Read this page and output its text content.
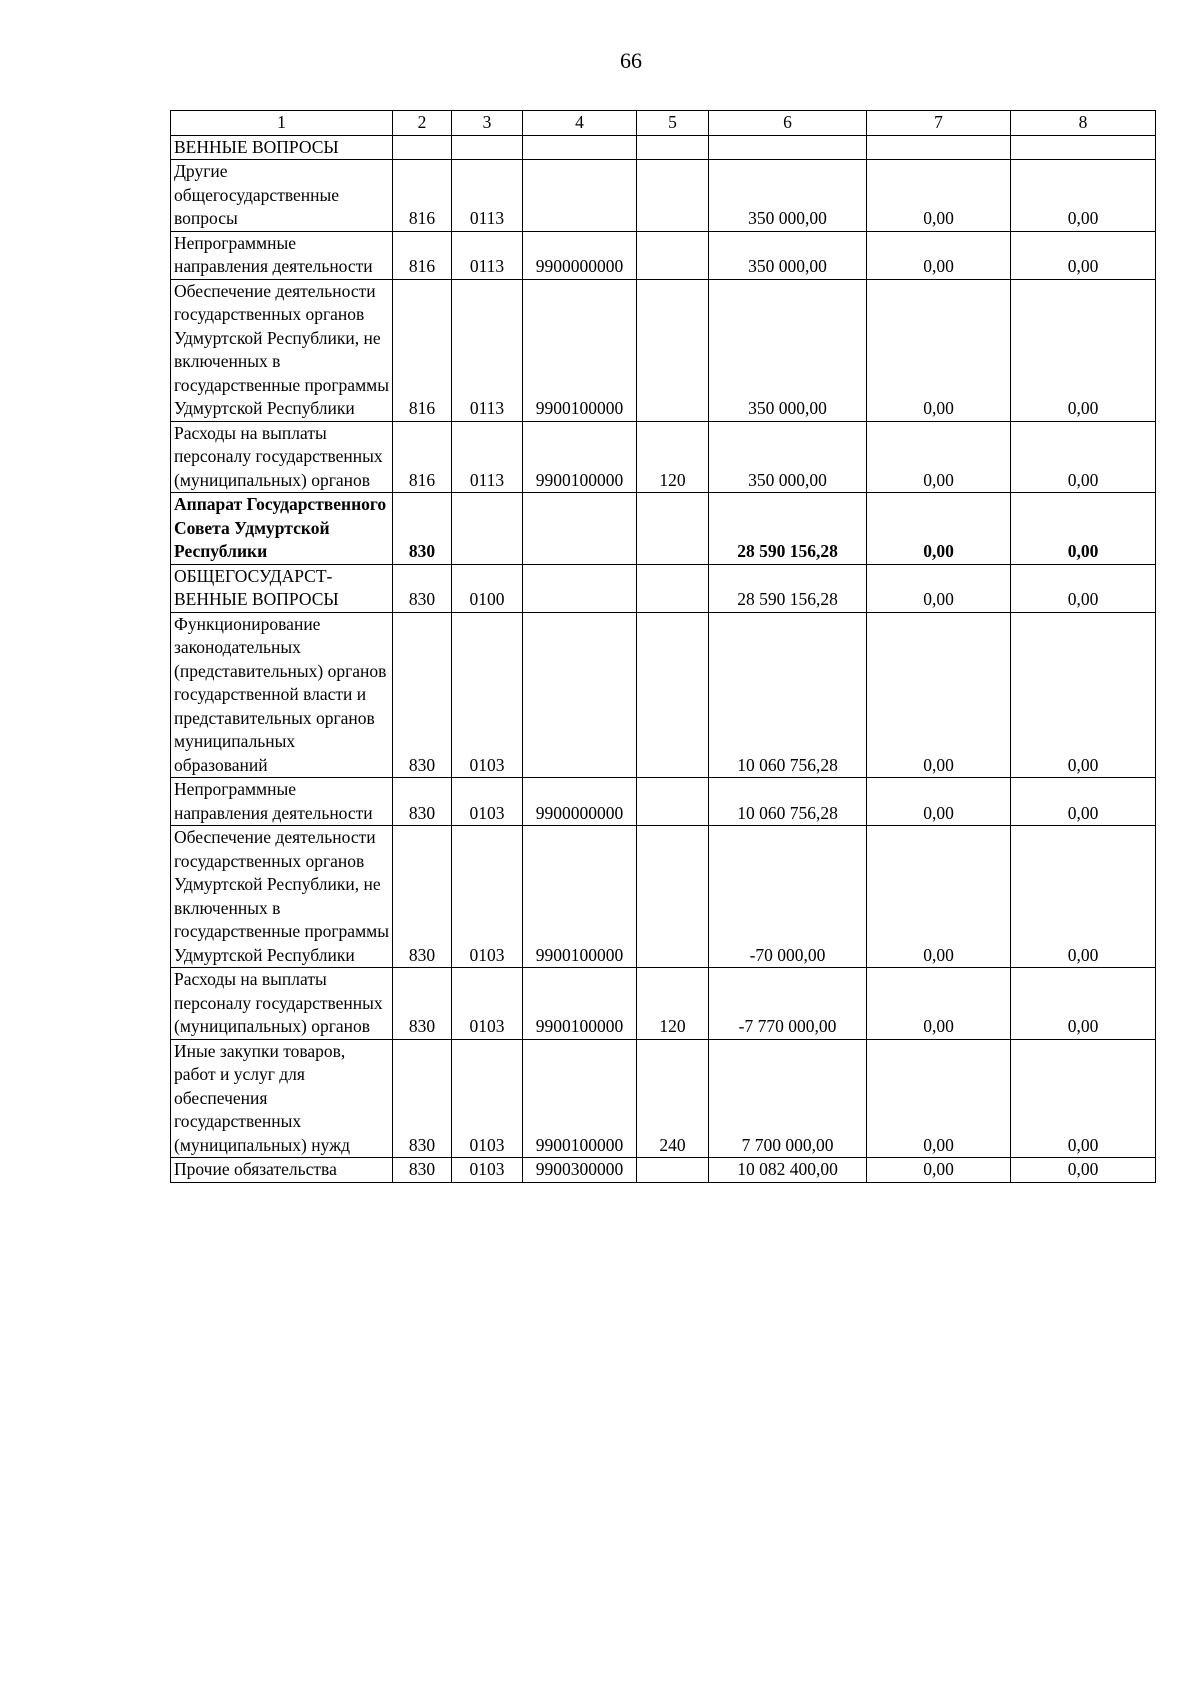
66
1	2	3	4	5	6	7	8
ВЕННЫЕ ВОПРОСЫ							
Другие общегосударственные вопросы	816	0113			350 000,00	0,00	0,00
Непрограммные направления деятельности	816	0113	9900000000		350 000,00	0,00	0,00
Обеспечение деятельности государственных органов Удмуртской Республики, не включенных в государственные программы Удмуртской Республики	816	0113	9900100000		350 000,00	0,00	0,00
Расходы на выплаты персоналу государственных (муниципальных) органов	816	0113	9900100000	120	350 000,00	0,00	0,00
Аппарат Государственного Совета Удмуртской Республики	830				28 590 156,28	0,00	0,00
ОБЩЕГОСУДАРСТ-ВЕННЫЕ ВОПРОСЫ	830	0100			28 590 156,28	0,00	0,00
Функционирование законодательных (представительных) органов государственной власти и представительных органов муниципальных образований	830	0103			10 060 756,28	0,00	0,00
Непрограммные направления деятельности	830	0103	9900000000		10 060 756,28	0,00	0,00
Обеспечение деятельности государственных органов Удмуртской Республики, не включенных в государственные программы Удмуртской Республики	830	0103	9900100000		-70 000,00	0,00	0,00
Расходы на выплаты персоналу государственных (муниципальных) органов	830	0103	9900100000	120	-7 770 000,00	0,00	0,00
Иные закупки товаров, работ и услуг для обеспечения государственных (муниципальных) нужд	830	0103	9900100000	240	7 700 000,00	0,00	0,00
Прочие обязательства	830	0103	9900300000		10 082 400,00	0,00	0,00
